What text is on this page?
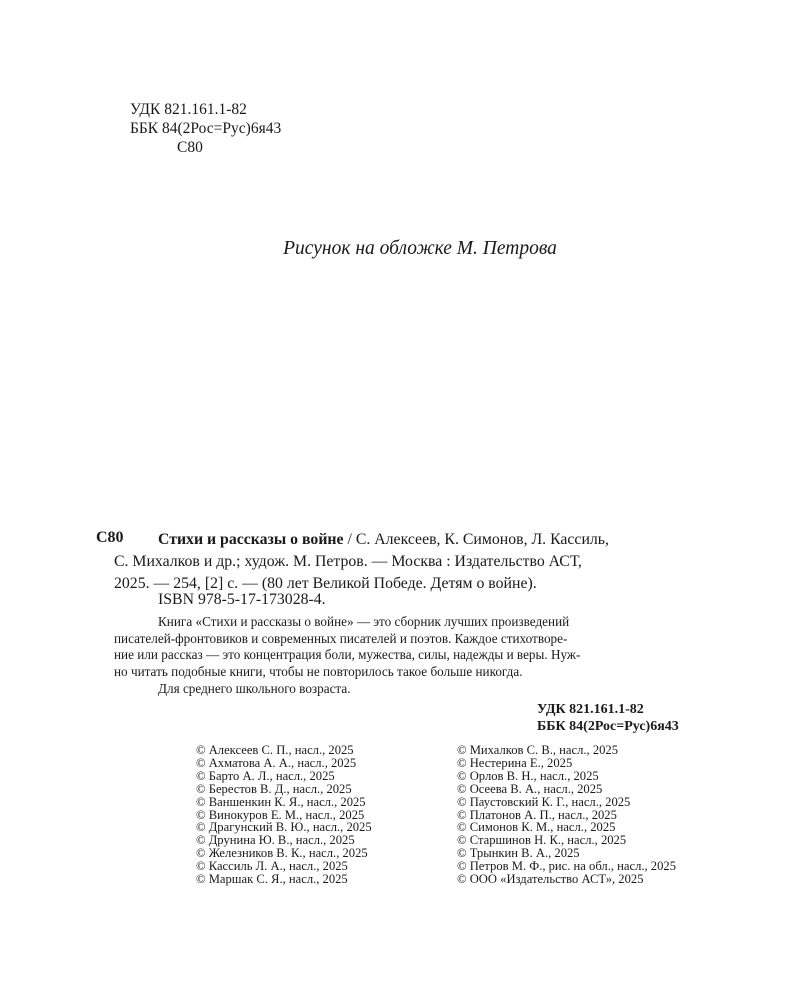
УДК 821.161.1-82
ББК 84(2Рос=Рус)6я43
С80
Рисунок на обложке М. Петрова
С80 Стихи и рассказы о войне / С. Алексеев, К. Симонов, Л. Кассиль,
С. Михалков и др.; худож. М. Петров. — Москва : Издательство АСТ,
2025. — 254, [2] с. — (80 лет Великой Победе. Детям о войне).
ISBN 978-5-17-173028-4.
Книга «Стихи и рассказы о войне» — это сборник лучших произведений
писателей-фронтовиков и современных писателей и поэтов. Каждое стихотворе-
ние или рассказ — это концентрация боли, мужества, силы, надежды и веры. Нуж-
но читать подобные книги, чтобы не повторилось такое больше никогда.
Для среднего школьного возраста.
УДК 821.161.1-82
ББК 84(2Рос=Рус)6я43
© Алексеев С. П., насл., 2025
© Ахматова А. А., насл., 2025
© Барто А. Л., насл., 2025
© Берестов В. Д., насл., 2025
© Ваншенкин К. Я., насл., 2025
© Винокуров Е. М., насл., 2025
© Драгунский В. Ю., насл., 2025
© Друнина Ю. В., насл., 2025
© Железников В. К., насл., 2025
© Кассиль Л. А., насл., 2025
© Маршак С. Я., насл., 2025
© Михалков С. В., насл., 2025
© Нестерина Е., 2025
© Орлов В. Н., насл., 2025
© Осеева В. А., насл., 2025
© Паустовский К. Г., насл., 2025
© Платонов А. П., насл., 2025
© Симонов К. М., насл., 2025
© Старшинов Н. К., насл., 2025
© Трынкин В. А., 2025
© Петров М. Ф., рис. на обл., насл., 2025
© ООО «Издательство АСТ», 2025
